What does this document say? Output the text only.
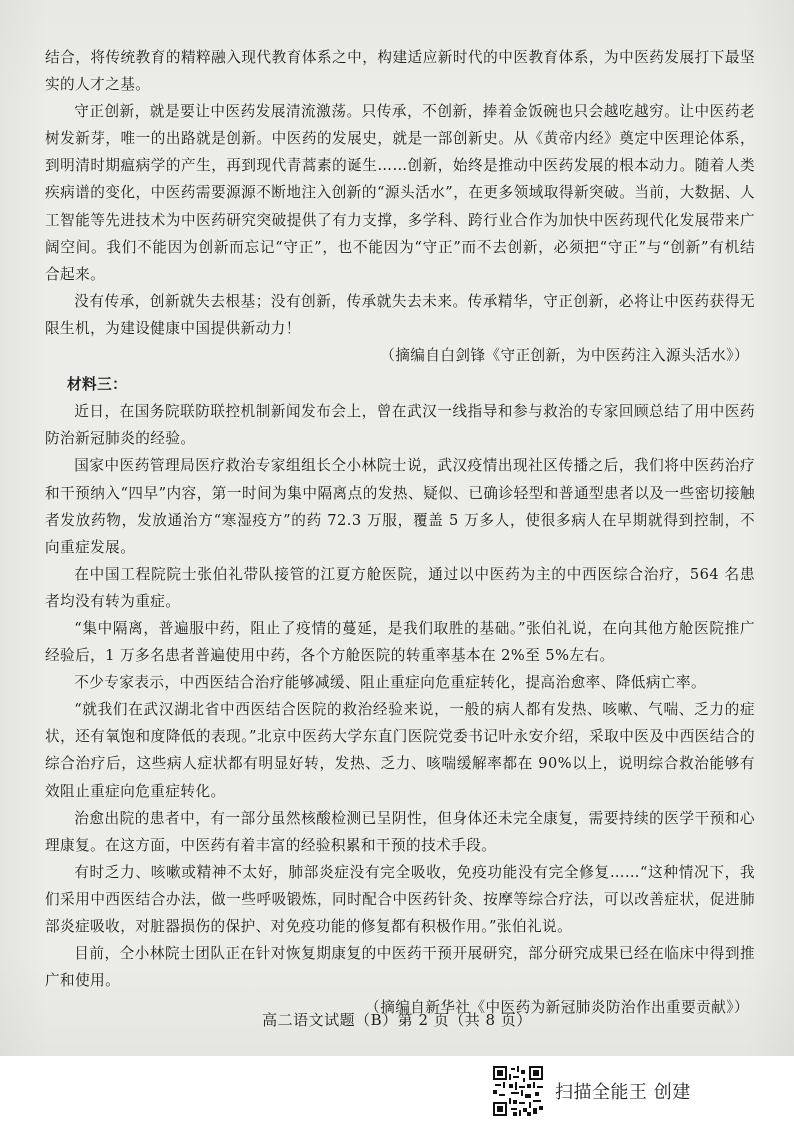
结合，将传统教育的精粹融入现代教育体系之中，构建适应新时代的中医教育体系，为中医药发展打下最坚实的人才之基。

守正创新，就是要让中医药发展清流激荡。只传承，不创新，捧着金饭碗也只会越吃越穷。让中医药老树发新芽，唯一的出路就是创新。中医药的发展史，就是一部创新史。从《黄帝内经》奠定中医理论体系，到明清时期瘟病学的产生，再到现代青蒿素的诞生……创新，始终是推动中医药发展的根本动力。随着人类疾病谱的变化，中医药需要源源不断地注入创新的“源头活水”，在更多领域取得新突破。当前，大数据、人工智能等先进技术为中医药研究突破提供了有力支撑，多学科、跨行业合作为加快中医药现代化发展带来广阔空间。我们不能因为创新而忘记“守正”，也不能因为“守正”而不去创新，必须把“守正”与“创新”有机结合起来。

没有传承，创新就失去根基；没有创新，传承就失去未来。传承精华，守正创新，必将让中医药获得无限生机，为建设健康中国提供新动力！

（摘编自白剑锋《守正创新，为中医药注入源头活水》）

材料三：

近日，在国务院联防联控机制新闻发布会上，曾在武汉一线指导和参与救治的专家回顾总结了用中医药防治新冠肺炎的经验。

国家中医药管理局医疗救治专家组组长仝小林院士说，武汉疫情出现社区传播之后，我们将中医药治疗和干预纳入“四早”内容，第一时间为集中隔离点的发热、疑似、已确诊轻型和普通型患者以及一些密切接触者发放药物，发放通治方“寒湿疫方”的药 72.3 万服，覆盖 5 万多人，使很多病人在早期就得到控制，不向重症发展。

在中国工程院院士张伯礼带队接管的江夏方舱医院，通过以中医药为主的中西医综合治疗，564 名患者均没有转为重症。

“集中隔离，普遍服中药，阻止了疫情的蔓延，是我们取胜的基础。”张伯礼说，在向其他方舱医院推广经验后，1 万多名患者普遍使用中药，各个方舱医院的转重率基本在 2%至 5%左右。

不少专家表示，中西医结合治疗能够减缓、阻止重症向危重症转化，提高治愈率、降低病亡率。

“就我们在武汉湖北省中西医结合医院的救治经验来说，一般的病人都有发热、咳嗽、气喘、乏力的症状，还有氧饱和度降低的表现。”北京中医药大学东直门医院党委书记叶永安介绍，采取中医及中西医结合的综合治疗后，这些病人症状都有明显好转，发热、乏力、咳喘缓解率都在 90%以上，说明综合救治能够有效阻止重症向危重症转化。

治愈出院的患者中，有一部分虽然核酸检测已呈阴性，但身体还未完全康复，需要持续的医学干预和心理康复。在这方面，中医药有着丰富的经验积累和干预的技术手段。

有时乏力、咳嗽或精神不太好，肺部炎症没有完全吸收，免疫功能没有完全修复……“这种情况下，我们采用中西医结合办法，做一些呼吸锻炼，同时配合中医药针灸、按摩等综合疗法，可以改善症状，促进肺部炎症吸收，对脏器损伤的保护、对免疫功能的修复都有积极作用。”张伯礼说。

目前，仝小林院士团队正在针对恢复期康复的中医药干预开展研究，部分研究成果已经在临床中得到推广和使用。

（摘编自新华社《中医药为新冠肺炎防治作出重要贡献》）

高二语文试题（B）第 2 页（共 8 页）
扫描全能王 创建
